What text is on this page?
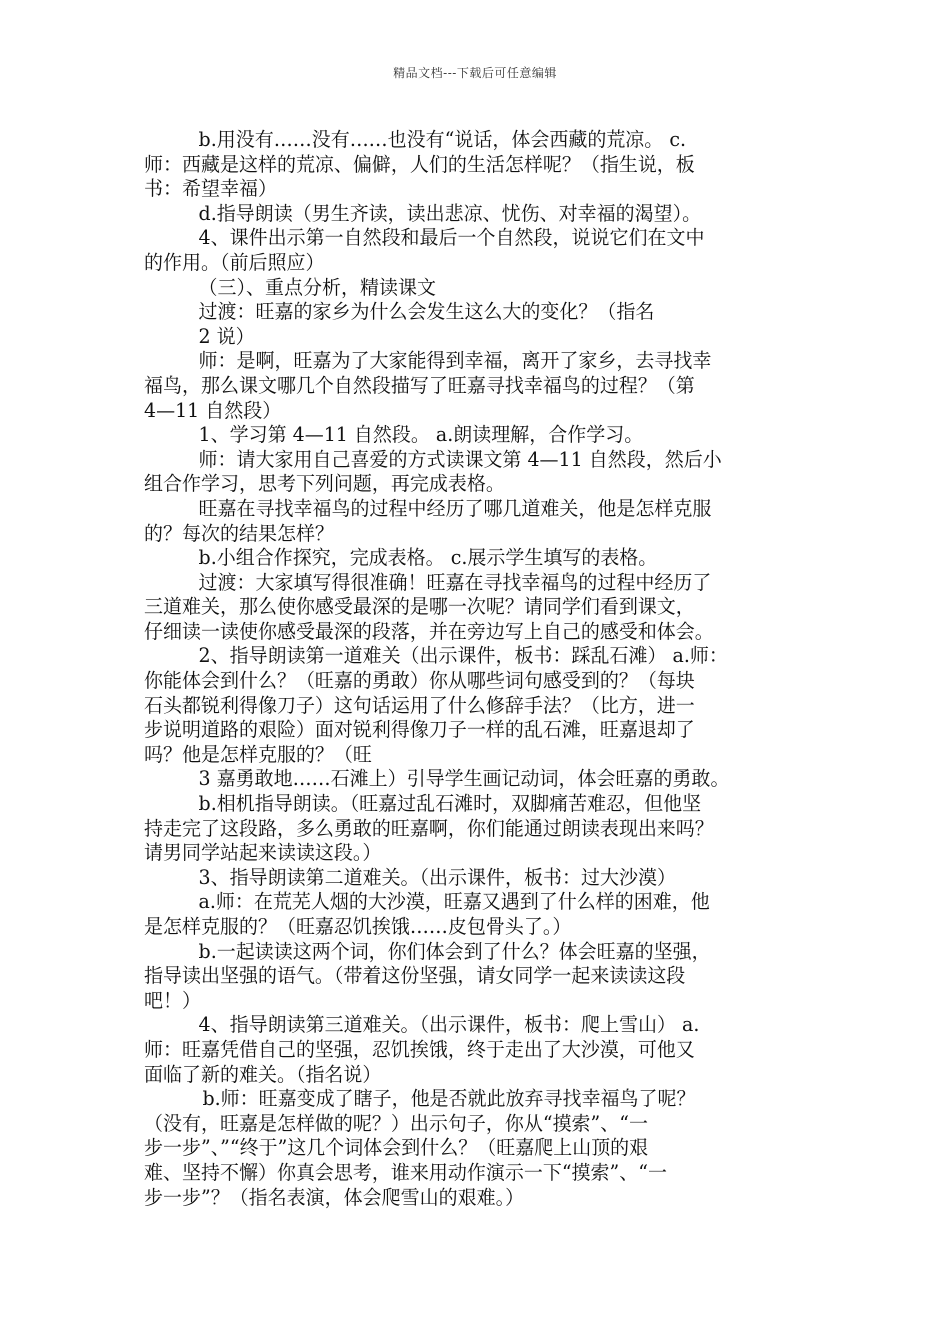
精品文档---下载后可任意编辑
b.用没有……没有……也没有“说话，体会西藏的荒凉。 c.
师：西藏是这样的荒凉、偏僻，人们的生活怎样呢？（指生说，板
书：希望幸福）
d.指导朗读（男生齐读，读出悲凉、忧伤、对幸福的渴望）。
4、课件出示第一自然段和最后一个自然段，说说它们在文中
的作用。（前后照应）
（三）、重点分析，精读课文
过渡：旺嘉的家乡为什么会发生这么大的变化？（指名
2 说）
师：是啊，旺嘉为了大家能得到幸福，离开了家乡，去寻找幸
福鸟，那么课文哪几个自然段描写了旺嘉寻找幸福鸟的过程？（第
4—11 自然段）
1、学习第 4—11 自然段。 a.朗读理解，合作学习。
师：请大家用自己喜爱的方式读课文第 4—11 自然段，然后小
组合作学习，思考下列问题，再完成表格。
旺嘉在寻找幸福鸟的过程中经历了哪几道难关，他是怎样克服
的？每次的结果怎样？
b.小组合作探究，完成表格。 c.展示学生填写的表格。
过渡：大家填写得很准确！旺嘉在寻找幸福鸟的过程中经历了
三道难关，那么使你感受最深的是哪一次呢？请同学们看到课文，
仔细读一读使你感受最深的段落，并在旁边写上自己的感受和体会。
2、指导朗读第一道难关（出示课件，板书：踩乱石滩） a.师：
你能体会到什么？（旺嘉的勇敢）你从哪些词句感受到的？（每块
石头都锐利得像刀子）这句话运用了什么修辞手法？（比方，进一
步说明道路的艰险）面对锐利得像刀子一样的乱石滩，旺嘉退却了
吗？他是怎样克服的？（旺
3 嘉勇敢地……石滩上）引导学生画记动词，体会旺嘉的勇敢。
b.相机指导朗读。（旺嘉过乱石滩时，双脚痛苦难忍，但他坚
持走完了这段路，多么勇敢的旺嘉啊，你们能通过朗读表现出来吗？
请男同学站起来读读这段。）
3、指导朗读第二道难关。（出示课件，板书：过大沙漠）
a.师：在荒芜人烟的大沙漠，旺嘉又遇到了什么样的困难，他
是怎样克服的？（旺嘉忍饥挨饿……皮包骨头了。）
b.一起读读这两个词，你们体会到了什么？体会旺嘉的坚强，
指导读出坚强的语气。（带着这份坚强，请女同学一起来读读这段
吧！）
4、指导朗读第三道难关。（出示课件，板书：爬上雪山） a.
师：旺嘉凭借自己的坚强，忍饥挨饿，终于走出了大沙漠，可他又
面临了新的难关。（指名说）
b.师：旺嘉变成了瞎子，他是否就此放弃寻找幸福鸟了呢？
（没有，旺嘉是怎样做的呢？）出示句子，你从“摸索”、“一
步一步”、”“终于”这几个词体会到什么？（旺嘉爬上山顶的艰
难、坚持不懈）你真会思考，谁来用动作演示一下“摸索”、“一
步一步”？（指名表演，体会爬雪山的艰难。）
